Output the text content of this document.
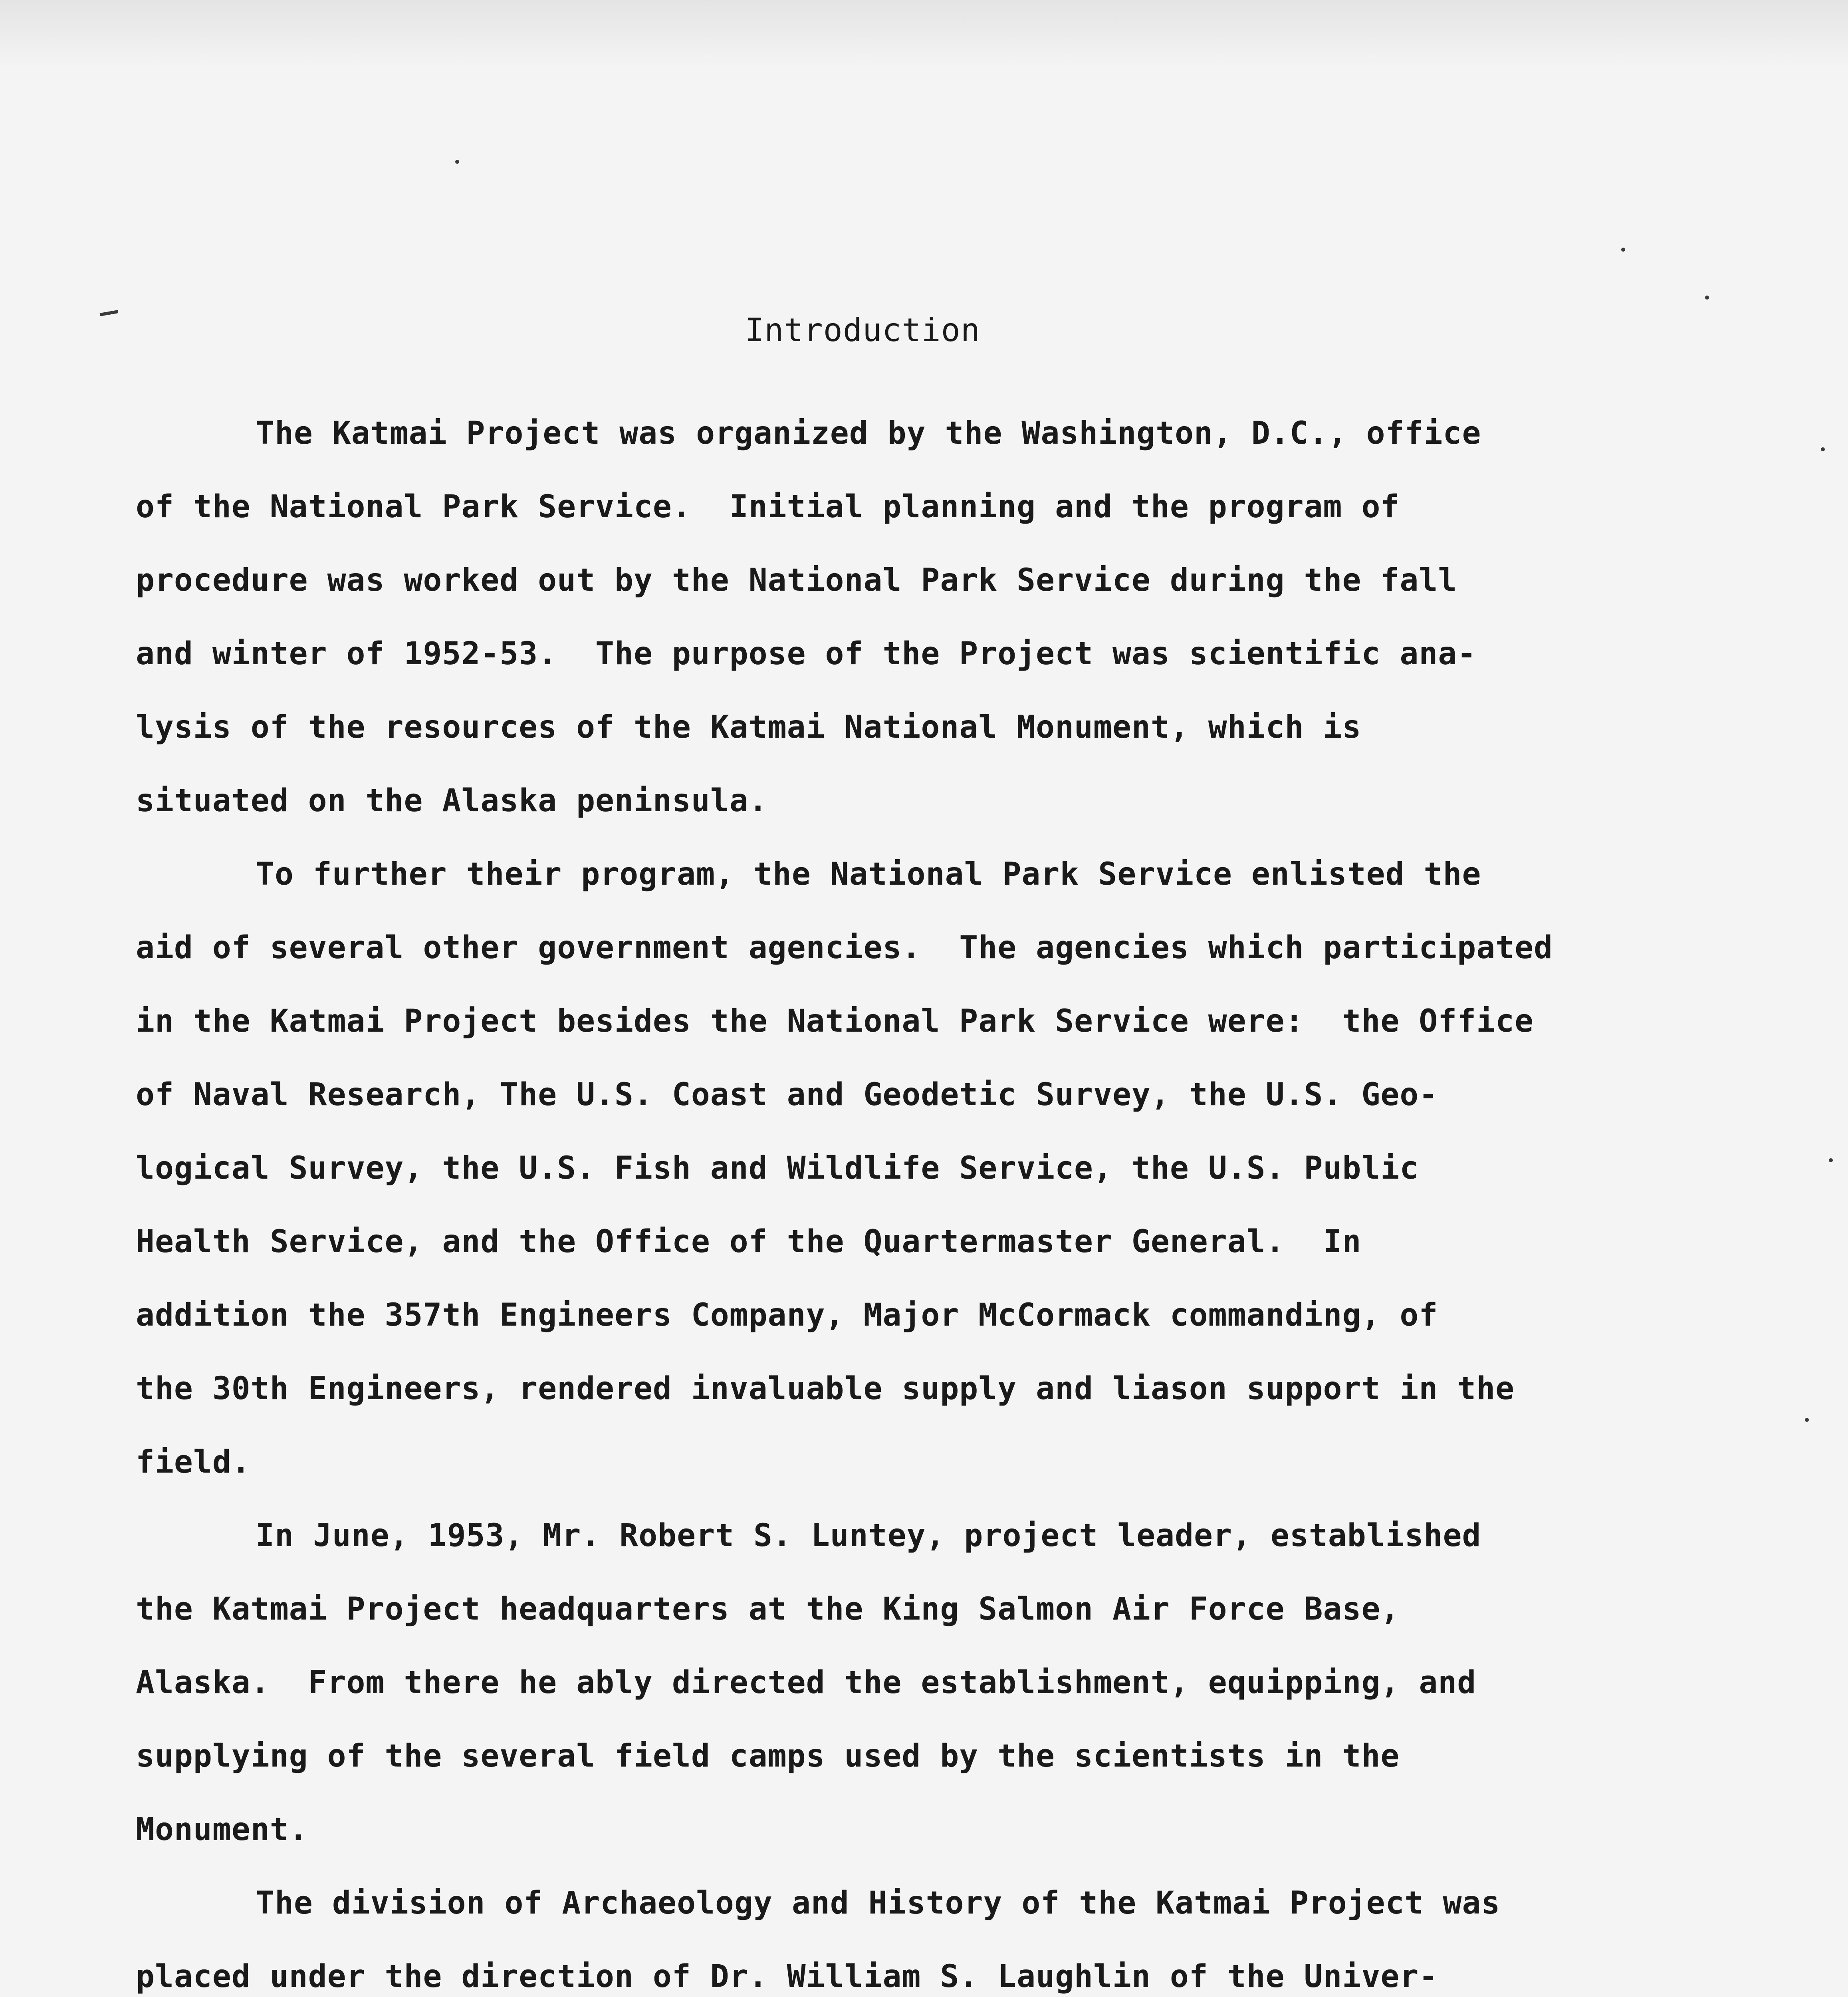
Introduction
The Katmai Project was organized by the Washington, D.C., office
of the National Park Service.  Initial planning and the program of
procedure was worked out by the National Park Service during the fall
and winter of 1952-53.  The purpose of the Project was scientific ana-
lysis of the resources of the Katmai National Monument, which is
situated on the Alaska peninsula.
To further their program, the National Park Service enlisted the
aid of several other government agencies.  The agencies which participated
in the Katmai Project besides the National Park Service were:  the Office
of Naval Research, The U.S. Coast and Geodetic Survey, the U.S. Geo-
logical Survey, the U.S. Fish and Wildlife Service, the U.S. Public
Health Service, and the Office of the Quartermaster General.  In
addition the 357th Engineers Company, Major McCormack commanding, of
the 30th Engineers, rendered invaluable supply and liason support in the
field.
In June, 1953, Mr. Robert S. Luntey, project leader, established
the Katmai Project headquarters at the King Salmon Air Force Base,
Alaska.  From there he ably directed the establishment, equipping, and
supplying of the several field camps used by the scientists in the
Monument.
The division of Archaeology and History of the Katmai Project was
placed under the direction of Dr. William S. Laughlin of the Univer-
